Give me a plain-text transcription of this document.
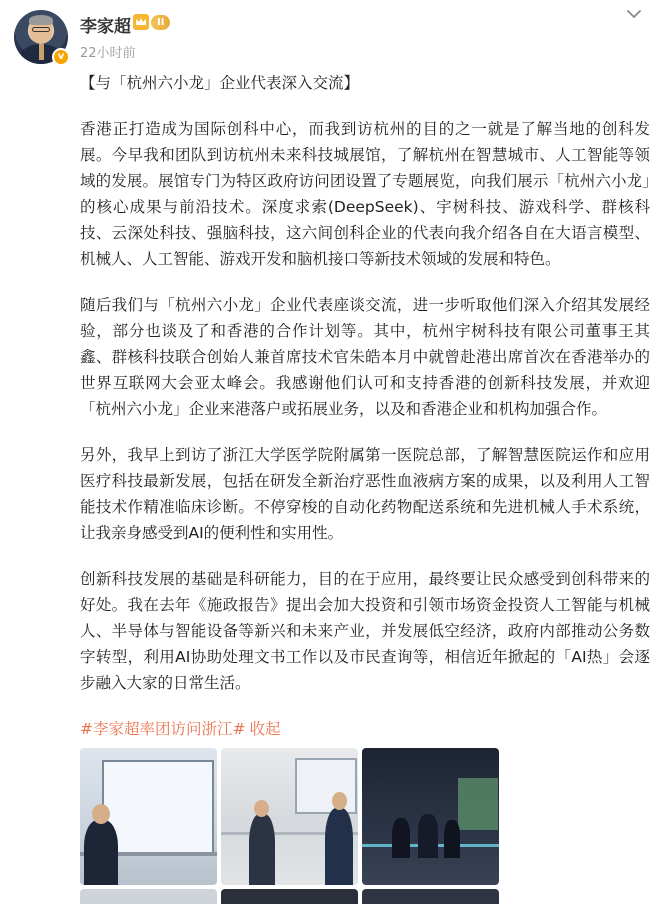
v
李家超	II
22小时前
【与「杭州六小龙」企业代表深入交流】

香港正打造成为国际创科中心，而我到访杭州的目的之一就是了解当地的创科发展。今早我和团队到访杭州未来科技城展馆，了解杭州在智慧城市、人工智能等领域的发展。展馆专门为特区政府访问团设置了专题展览，向我们展示「杭州六小龙」的核心成果与前沿技术。深度求索(DeepSeek)、宇树科技、游戏科学、群核科技、云深处科技、强脑科技，这六间创科企业的代表向我介绍各自在大语言模型、机械人、人工智能、游戏开发和脑机接口等新技术领域的发展和特色。

随后我们与「杭州六小龙」企业代表座谈交流，进一步听取他们深入介绍其发展经验，部分也谈及了和香港的合作计划等。其中，杭州宇树科技有限公司董事王其鑫、群核科技联合创始人兼首席技术官朱皓本月中就曾赴港出席首次在香港举办的世界互联网大会亚太峰会。我感谢他们认可和支持香港的创新科技发展，并欢迎「杭州六小龙」企业来港落户或拓展业务，以及和香港企业和机构加强合作。

另外，我早上到访了浙江大学医学院附属第一医院总部，了解智慧医院运作和应用医疗科技最新发展，包括在研发全新治疗恶性血液病方案的成果，以及利用人工智能技术作精准临床诊断。不停穿梭的自动化药物配送系统和先进机械人手术系统，让我亲身感受到AI的便利性和实用性。

创新科技发展的基础是科研能力，目的在于应用，最终要让民众感受到创科带来的好处。我在去年《施政报告》提出会加大投资和引领市场资金投资人工智能与机械人、半导体与智能设备等新兴和未来产业，并发展低空经济，政府内部推动公务数字转型，利用AI协助处理文书工作以及市民查询等，相信近年掀起的「AI热」会逐步融入大家的日常生活。

#李家超率团访问浙江# 收起
